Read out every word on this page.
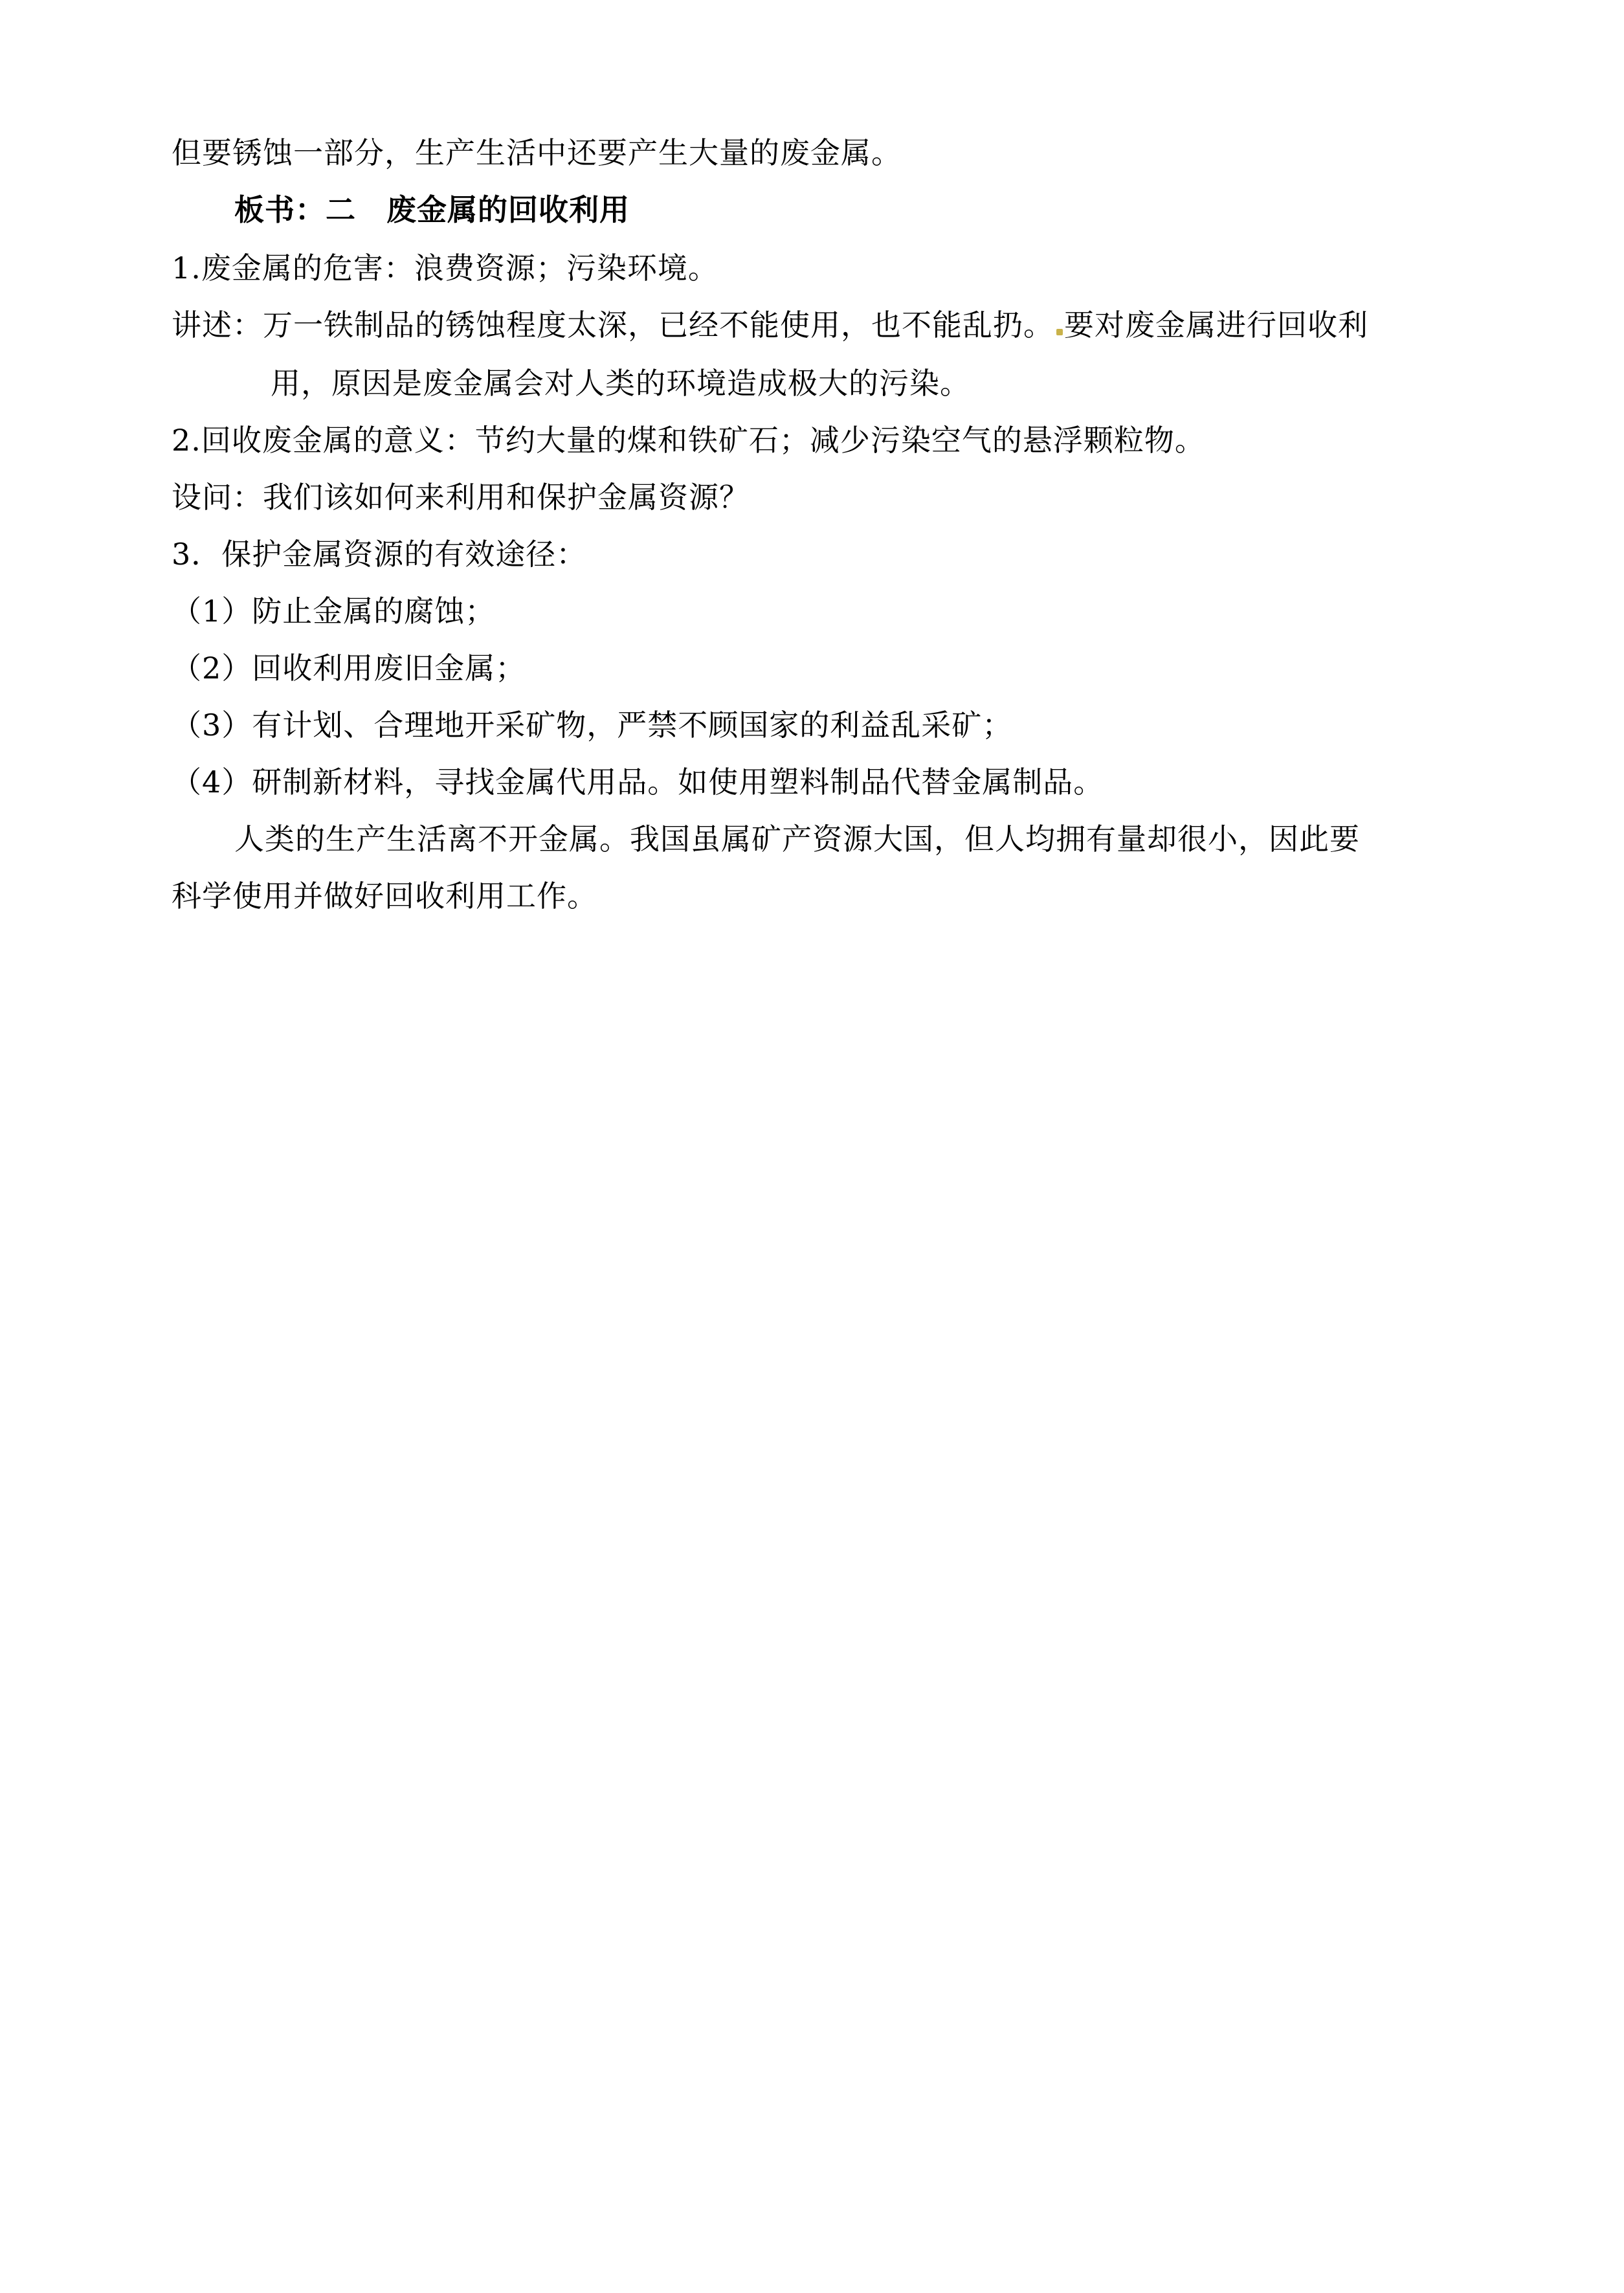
但要锈蚀一部分，生产生活中还要产生大量的废金属。
板书：二　废金属的回收利用
1.废金属的危害：浪费资源；污染环境。
讲述：万一铁制品的锈蚀程度太深，已经不能使用，也不能乱扔。 要对废金属进行回收利
用，原因是废金属会对人类的环境造成极大的污染。
2.回收废金属的意义：节约大量的煤和铁矿石；减少污染空气的悬浮颗粒物。
设问：我们该如何来利用和保护金属资源？
3．保护金属资源的有效途径：
（1）防止金属的腐蚀；
（2）回收利用废旧金属；
（3）有计划、合理地开采矿物，严禁不顾国家的利益乱采矿；
（4）研制新材料，寻找金属代用品。如使用塑料制品代替金属制品。
人类的生产生活离不开金属。我国虽属矿产资源大国，但人均拥有量却很小，因此要
科学使用并做好回收利用工作。
